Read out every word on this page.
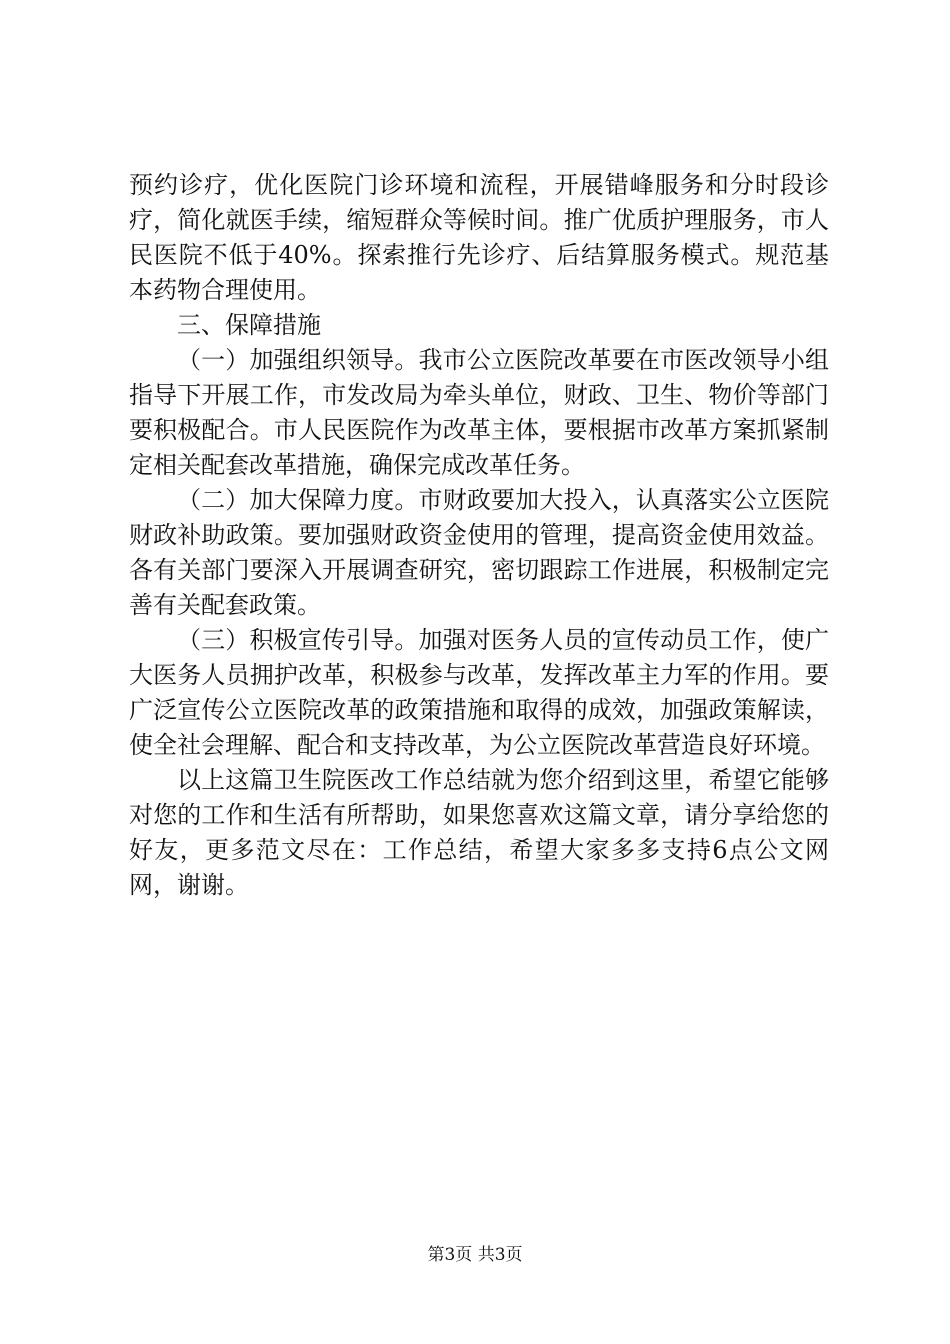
预约诊疗，优化医院门诊环境和流程，开展错峰服务和分时段诊疗，简化就医手续，缩短群众等候时间。推广优质护理服务，市人民医院不低于40%。探索推行先诊疗、后结算服务模式。规范基本药物合理使用。

三、保障措施

（一）加强组织领导。我市公立医院改革要在市医改领导小组指导下开展工作，市发改局为牵头单位，财政、卫生、物价等部门要积极配合。市人民医院作为改革主体，要根据市改革方案抓紧制定相关配套改革措施，确保完成改革任务。

（二）加大保障力度。市财政要加大投入，认真落实公立医院财政补助政策。要加强财政资金使用的管理，提高资金使用效益。各有关部门要深入开展调查研究，密切跟踪工作进展，积极制定完善有关配套政策。

（三）积极宣传引导。加强对医务人员的宣传动员工作，使广大医务人员拥护改革，积极参与改革，发挥改革主力军的作用。要广泛宣传公立医院改革的政策措施和取得的成效，加强政策解读，使全社会理解、配合和支持改革，为公立医院改革营造良好环境。

以上这篇卫生院医改工作总结就为您介绍到这里，希望它能够对您的工作和生活有所帮助，如果您喜欢这篇文章，请分享给您的好友，更多范文尽在：工作总结，希望大家多多支持6点公文网网，谢谢。

第3页 共3页
